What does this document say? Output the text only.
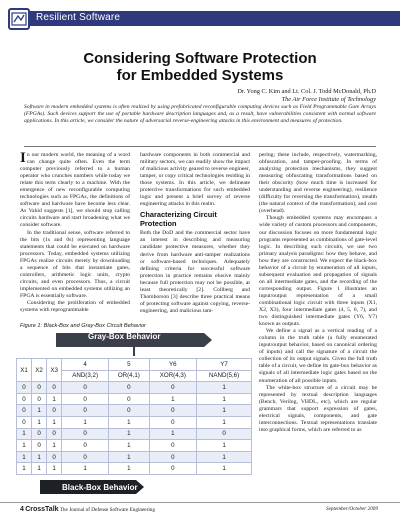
Resilient Software
Considering Software Protection
for Embedded Systems
Dr. Yong C. Kim and Lt. Col. J. Todd McDonald, Ph.D
The Air Force Institute of Technology
Software in modern embedded systems is often realized by using prefabricated reconfigurable computing devices such as Field Programmable Gate Arrays (FPGAs). Such devices support the use of portable hardware description languages and, as a result, have vulnerabilities consistent with normal software applications. In this article, we consider the nature of adversarial reverse-engineering attacks in this environment and measures of protection.

In our modern world, the meaning of a word can change quite often. Even the term computer previously referred to a human operator who crunches numbers while today we relate this term clearly to a machine. With the emergence of new reconfigurable computing technologies such as FPGAs, the definitions of software and hardware have become less clear. As Vahid suggests [1], we should stop calling circuits hardware and start broadening what we consider software.

In the traditional sense, software referred to the bits (1s and 0s) representing language statements that could be executed on hardware processors. Today, embedded systems utilizing FPGAs realize circuits merely by downloading a sequence of bits that instantiate gates, controllers, arithmetic logic units, crypto circuits, and even processors. Thus, a circuit implemented on embedded systems utilizing an FPGA is essentially software.

Considering the proliferation of embedded systems with reprogrammable

hardware components in both commercial and military sectors, we can readily show the impact of malicious activity geared to reverse engineer, tamper, or copy critical technologies residing in those systems. In this article, we delineate protective transformations for such embedded logic and present a brief survey of reverse engineering attacks in this realm.

Characterizing Circuit Protection

Both the DoD and the commercial sector have an interest in describing and measuring candidate protective measures, whether they derive from hardware anti-tamper realizations or software-based techniques. Adequately defining criteria for successful software protection in practice remains elusive mainly because full protection may not be possible, at least theoretically [2]. Collberg and Thomborson [3] describe three practical means of protecting software against copying, reverse-engineering, and malicious tam-

pering; these include, respectively, watermarking, obfuscation, and tamper-proofing. In terms of analyzing protection mechanisms, they suggest measuring obfuscating transformations based on their obscurity (how much time is increased for understanding and reverse engineering), resilience (difficulty for reversing the transformation), stealth (the natural context of the transformation), and cost (overhead).

Though embedded systems may encompass a wide variety of custom processors and components, our discussion focuses on more fundamental logic programs represented as combinations of gate-level logic. In describing such circuits, we use two primary analysis paradigms: how they behave, and how they are constructed. We expect the black-box behavior of a circuit by enumeration of all inputs, subsequent evaluation and propagation of signals on all intermediate gates, and the recording of the corresponding output. Figure 1 illustrates an input/output representation of a small combinational logic circuit with three inputs (X1, X2, X3), four intermediate gates (4, 5, 6, 7), and two distinguished intermediate gates (Y6, Y7) known as outputs.

We define a signal as a vertical reading of a column in the truth table (a fully enumerated input/output behavior, based on canonical ordering of inputs) and call the signature of a circuit the collection of its output signals. Given the full truth table of a circuit, we define its gate-box behavior as signals of all intermediate logic gates based on the enumeration of all possible inputs.

The white-box structure of a circuit may be represented by textual description languages (Bench, Verilog, VHDL, etc), which are regular grammars that support expression of gates, electrical signals, components, and gate interconnections. Textual representations translate into graphical forms, which are referred to as

Figure 1: Black-Box and Gray-Box Circuit Behavior
Gray-Box Behavior
X1	X2	X3	4	5	Y6	Y7
			AND(3,2)	OR(4,1)	XOR(4,3)	NAND(5,6)
0	0	0	0	0	0	1
0	0	1	0	0	1	1
0	1	0	0	0	0	1
0	1	1	1	1	0	1
1	0	0	0	1	1	0
1	0	1	0	1	0	1
1	1	0	0	1	0	1
1	1	1	1	1	0	1
Black-Box Behavior
4 CrossTalk The Journal of Defense Software Engineering	September/October 2009
